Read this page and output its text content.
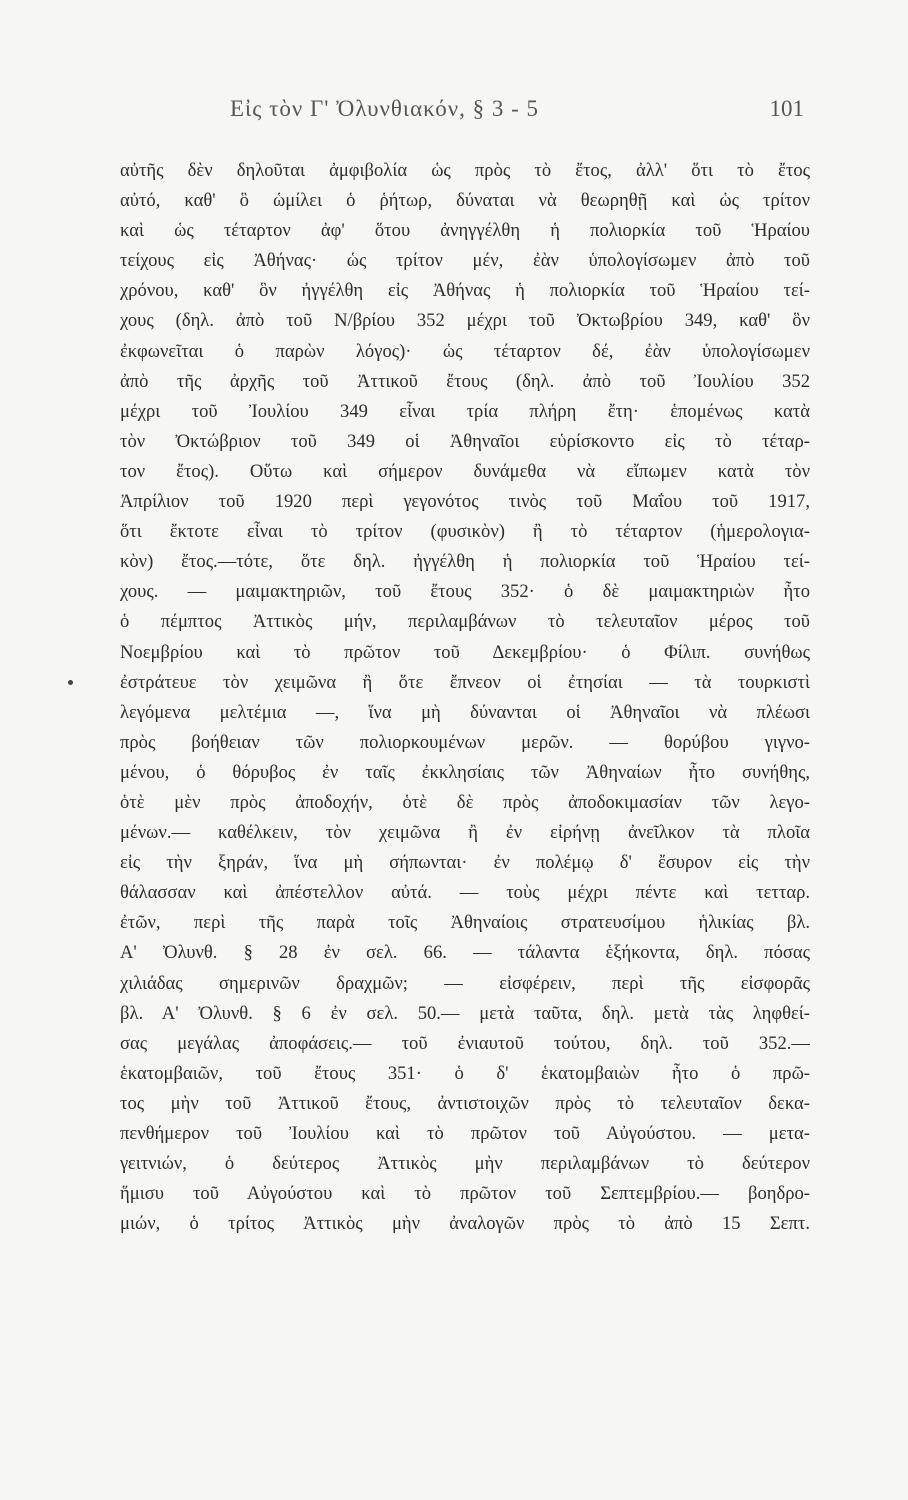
Εἰς τὸν Γ' Ὀλυνθιακόν, § 3 - 5	101
αὐτῆς δὲν δηλοῦται ἀμφιβολία ὡς πρὸς τὸ ἔτος, ἀλλ' ὅτι τὸ ἔτος
αὐτό, καθ' ὃ ὡμίλει ὁ ῥήτωρ, δύναται νὰ θεωρηθῇ καὶ ὡς τρίτον
καὶ ὡς τέταρτον ἀφ' ὅτου ἀνηγγέλθη ἡ πολιορκία τοῦ Ἡραίου
τείχους εἰς Ἀθήνας· ὡς τρίτον μέν, ἐὰν ὑπολογίσωμεν ἀπὸ τοῦ
χρόνου, καθ' ὃν ἠγγέλθη εἰς Ἀθήνας ἡ πολιορκία τοῦ Ἡραίου τεί-
χους (δηλ. ἀπὸ τοῦ Ν/βρίου 352 μέχρι τοῦ Ὀκτωβρίου 349, καθ' ὃν
ἐκφωνεῖται ὁ παρὼν λόγος)· ὡς τέταρτον δέ, ἐὰν ὑπολογίσωμεν
ἀπὸ τῆς ἀρχῆς τοῦ Ἀττικοῦ ἔτους (δηλ. ἀπὸ τοῦ Ἰουλίου 352
μέχρι τοῦ Ἰουλίου 349 εἶναι τρία πλήρη ἔτη· ἑπομένως κατὰ
τὸν Ὀκτώβριον τοῦ 349 οἱ Ἀθηναῖοι εὑρίσκοντο εἰς τὸ τέταρ-
τον ἔτος). Οὕτω καὶ σήμερον δυνάμεθα νὰ εἴπωμεν κατὰ τὸν
Ἀπρίλιον τοῦ 1920 περὶ γεγονότος τινὸς τοῦ Μαΐου τοῦ 1917,
ὅτι ἔκτοτε εἶναι τὸ τρίτον (φυσικὸν) ἢ τὸ τέταρτον (ἡμερολογια-
κὸν) ἔτος.—τότε, ὅτε δηλ. ἠγγέλθη ἡ πολιορκία τοῦ Ἡραίου τεί-
χους. — μαιμακτηριῶν, τοῦ ἔτους 352· ὁ δὲ μαιμακτηριὼν ἦτο
ὁ πέμπτος Ἀττικὸς μήν, περιλαμβάνων τὸ τελευταῖον μέρος τοῦ
Νοεμβρίου καὶ τὸ πρῶτον τοῦ Δεκεμβρίου· ὁ Φίλιπ. συνήθως
ἐστράτευε τὸν χειμῶνα ἢ ὅτε ἔπνεον οἱ ἐτησίαι — τὰ τουρκιστὶ
λεγόμενα μελτέμια —, ἵνα μὴ δύνανται οἱ Ἀθηναῖοι νὰ πλέωσι
πρὸς βοήθειαν τῶν πολιορκουμένων μερῶν. — θορύβου γιγνο-
μένου, ὁ θόρυβος ἐν ταῖς ἐκκλησίαις τῶν Ἀθηναίων ἦτο συνήθης,
ὁτὲ μὲν πρὸς ἀποδοχήν, ὁτὲ δὲ πρὸς ἀποδοκιμασίαν τῶν λεγο-
μένων.— καθέλκειν, τὸν χειμῶνα ἢ ἐν εἰρήνῃ ἀνεῖλκον τὰ πλοῖα
εἰς τὴν ξηράν, ἵνα μὴ σήπωνται· ἐν πολέμῳ δ' ἔσυρον εἰς τὴν
θάλασσαν καὶ ἀπέστελλον αὐτά. — τοὺς μέχρι πέντε καὶ τετταρ.
ἐτῶν, περὶ τῆς παρὰ τοῖς Ἀθηναίοις στρατευσίμου ἡλικίας βλ.
Α' Ὀλυνθ. § 28 ἐν σελ. 66. — τάλαντα ἑξήκοντα, δηλ. πόσας
χιλιάδας σημερινῶν δραχμῶν; — εἰσφέρειν, περὶ τῆς εἰσφορᾶς
βλ. Α' Ὀλυνθ. § 6 ἐν σελ. 50.— μετὰ ταῦτα, δηλ. μετὰ τὰς ληφθεί-
σας μεγάλας ἀποφάσεις.— τοῦ ἐνιαυτοῦ τούτου, δηλ. τοῦ 352.—
ἑκατομβαιῶν, τοῦ ἔτους 351· ὁ δ' ἑκατομβαιὼν ἦτο ὁ πρῶ-
τος μὴν τοῦ Ἀττικοῦ ἔτους, ἀντιστοιχῶν πρὸς τὸ τελευταῖον δεκα-
πενθήμερον τοῦ Ἰουλίου καὶ τὸ πρῶτον τοῦ Αὐγούστου. — μετα-
γειτνιών, ὁ δεύτερος Ἀττικὸς μὴν περιλαμβάνων τὸ δεύτερον
ἥμισυ τοῦ Αὐγούστου καὶ τὸ πρῶτον τοῦ Σεπτεμβρίου.— βοηδρο-
μιών, ὁ τρίτος Ἀττικὸς μὴν ἀναλογῶν πρὸς τὸ ἀπὸ 15 Σεπτ.
